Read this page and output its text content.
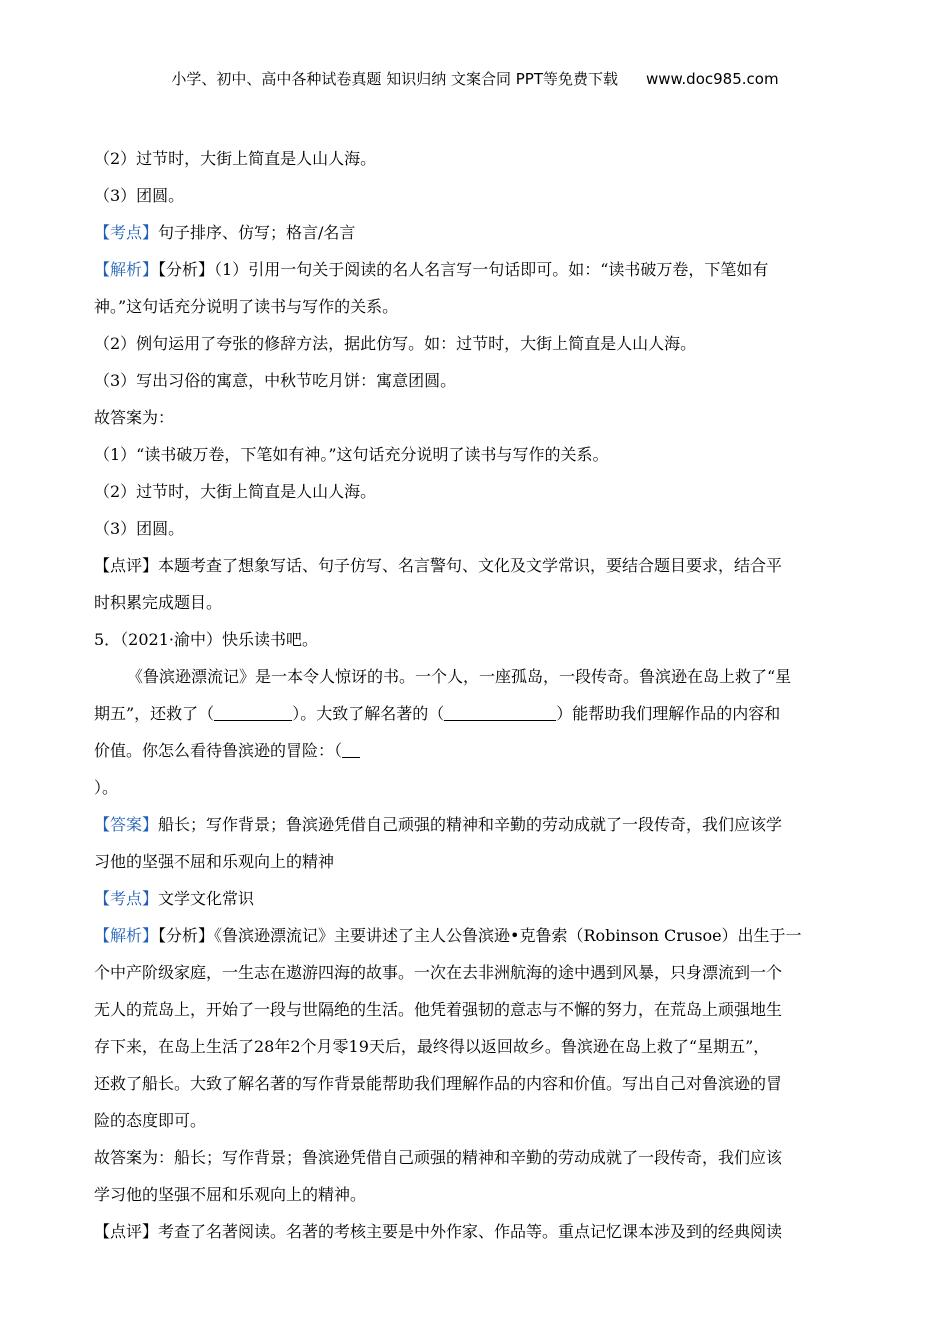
小学、初中、高中各种试卷真题 知识归纳 文案合同 PPT等免费下载 www.doc985.com
（2）过节时，大街上简直是人山人海。
（3）团圆。
【考点】句子排序、仿写；格言/名言
【解析】【分析】（1）引用一句关于阅读的名人名言写一句话即可。如：“读书破万卷，下笔如有
神。”这句话充分说明了读书与写作的关系。
（2）例句运用了夸张的修辞方法，据此仿写。如：过节时，大街上简直是人山人海。
（3）写出习俗的寓意，中秋节吃月饼：寓意团圆。
故答案为：
（1）“读书破万卷，下笔如有神。”这句话充分说明了读书与写作的关系。
（2）过节时，大街上简直是人山人海。
（3）团圆。
【点评】本题考查了想象写话、句子仿写、名言警句、文化及文学常识，要结合题目要求，结合平
时积累完成题目。
5．（2021·渝中）快乐读书吧。
《鲁滨逊漂流记》是一本令人惊讶的书。一个人，一座孤岛，一段传奇。鲁滨逊在岛上救了“星
期五”，还救了（	）。大致了解名著的（	）能帮助我们理解作品的内容和
价值。你怎么看待鲁滨逊的冒险：（
）。
【答案】船长；写作背景；鲁滨逊凭借自己顽强的精神和辛勤的劳动成就了一段传奇，我们应该学
习他的坚强不屈和乐观向上的精神
【考点】文学文化常识
【解析】【分析】《鲁滨逊漂流记》主要讲述了主人公鲁滨逊•克鲁索（Robinson Crusoe）出生于一
个中产阶级家庭，一生志在遨游四海的故事。一次在去非洲航海的途中遇到风暴，只身漂流到一个
无人的荒岛上，开始了一段与世隔绝的生活。他凭着强韧的意志与不懈的努力，在荒岛上顽强地生
存下来，在岛上生活了28年2个月零19天后，最终得以返回故乡。鲁滨逊在岛上救了“星期五”，
还救了船长。大致了解名著的写作背景能帮助我们理解作品的内容和价值。写出自己对鲁滨逊的冒
险的态度即可。
故答案为：船长；写作背景；鲁滨逊凭借自己顽强的精神和辛勤的劳动成就了一段传奇，我们应该
学习他的坚强不屈和乐观向上的精神。
【点评】考查了名著阅读。名著的考核主要是中外作家、作品等。重点记忆课本涉及到的经典阅读
